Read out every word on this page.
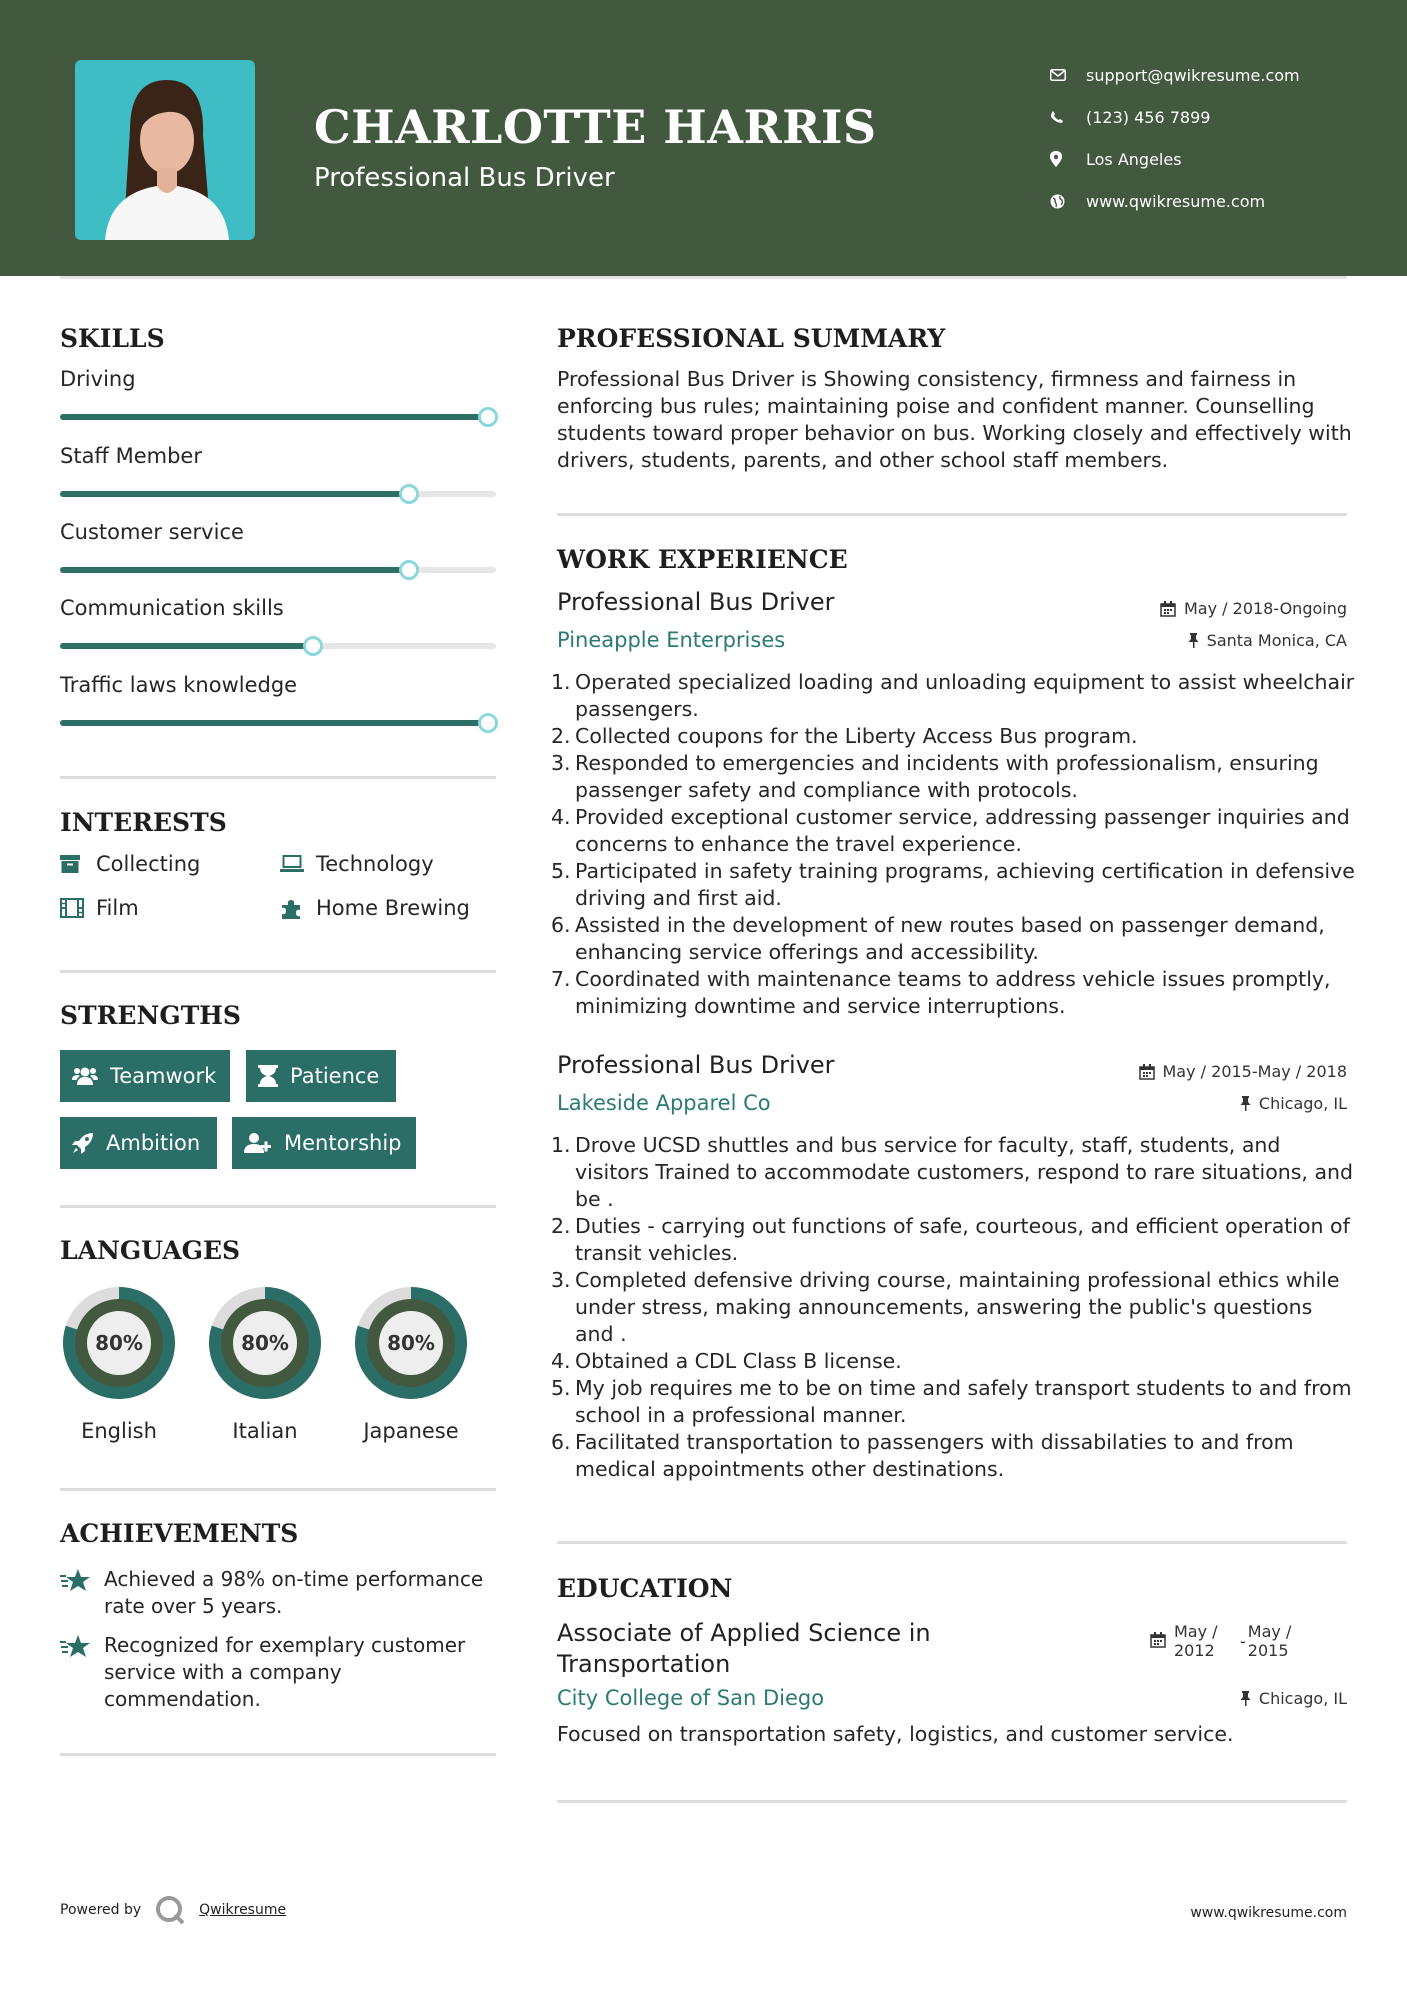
CHARLOTTE HARRIS
Professional Bus Driver
support@qwikresume.com
(123) 456 7899
Los Angeles
www.qwikresume.com
SKILLS
Driving
Staff Member
Customer service
Communication skills
Traffic laws knowledge
INTERESTS
Collecting	Technology
Film	Home Brewing
STRENGTHS
Teamwork	Patience
Ambition	Mentorship
LANGUAGES
80%
English
80%
Italian
80%
Japanese
ACHIEVEMENTS
Achieved a 98% on-time performance rate over 5 years.
Recognized for exemplary customer service with a company commendation.
PROFESSIONAL SUMMARY
Professional Bus Driver is Showing consistency, firmness and fairness in enforcing bus rules; maintaining poise and confident manner. Counselling students toward proper behavior on bus. Working closely and effectively with drivers, students, parents, and other school staff members.
WORK EXPERIENCE
Professional Bus Driver	May / 2018-Ongoing
Pineapple Enterprises	Santa Monica, CA
1. Operated specialized loading and unloading equipment to assist wheelchair passengers.
2. Collected coupons for the Liberty Access Bus program.
3. Responded to emergencies and incidents with professionalism, ensuring passenger safety and compliance with protocols.
4. Provided exceptional customer service, addressing passenger inquiries and concerns to enhance the travel experience.
5. Participated in safety training programs, achieving certification in defensive driving and first aid.
6. Assisted in the development of new routes based on passenger demand, enhancing service offerings and accessibility.
7. Coordinated with maintenance teams to address vehicle issues promptly, minimizing downtime and service interruptions.
Professional Bus Driver	May / 2015-May / 2018
Lakeside Apparel Co	Chicago, IL
1. Drove UCSD shuttles and bus service for faculty, staff, students, and visitors Trained to accommodate customers, respond to rare situations, and be .
2. Duties - carrying out functions of safe, courteous, and efficient operation of transit vehicles.
3. Completed defensive driving course, maintaining professional ethics while under stress, making announcements, answering the public's questions and .
4. Obtained a CDL Class B license.
5. My job requires me to be on time and safely transport students to and from school in a professional manner.
6. Facilitated transportation to passengers with dissabilaties to and from medical appointments other destinations.
EDUCATION
Associate of Applied Science in
Transportation
May /
2012	-
May /
2015
City College of San Diego	Chicago, IL
Focused on transportation safety, logistics, and customer service.
Powered by	Qwikresume	www.qwikresume.com
